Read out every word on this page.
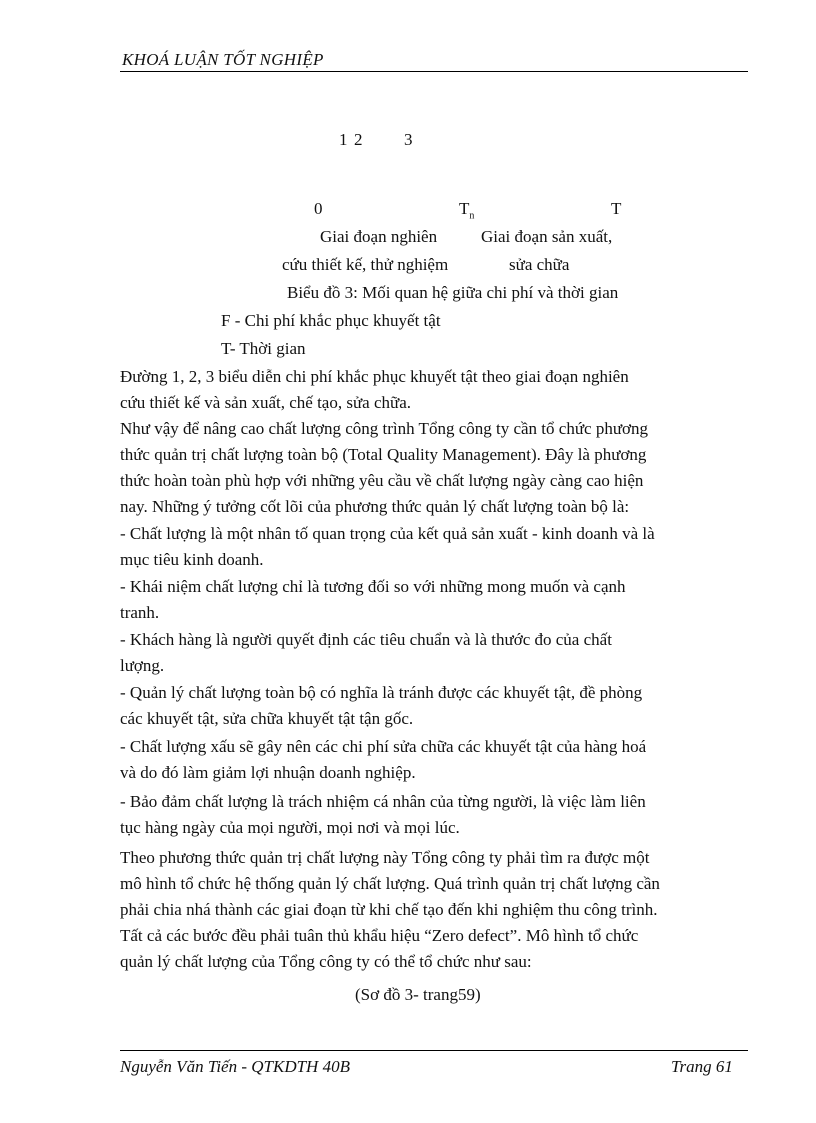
KHOÁ LUẬN TỐT NGHIỆP
1 2 3
0	$T_n$	T
Giai đoạn nghiên	Giai đoạn sản xuất,
cứu thiết kế, thử nghiệm	sửa chữa
Biểu đồ 3: Mối quan hệ giữa chi phí và thời gian
F - Chi phí khắc phục khuyết tật
T- Thời gian
Đường 1, 2, 3 biểu diễn chi phí khắc phục khuyết tật theo giai đoạn nghiên
cứu thiết kế và sản xuất, chế tạo, sửa chữa.
Như vậy để nâng cao chất lượng công trình Tổng công ty cần tổ chức phương
thức quản trị chất lượng toàn bộ (Total Quality Management). Đây là phương
thức hoàn toàn phù hợp với những yêu cầu về chất lượng ngày càng cao hiện
nay. Những ý tưởng cốt lõi của phương thức quản lý chất lượng toàn bộ là:
- Chất lượng là một nhân tố quan trọng của kết quả sản xuất - kinh doanh và là
mục tiêu kinh doanh.
- Khái niệm chất lượng chỉ là tương đối so với những mong muốn và cạnh
tranh.
- Khách hàng là người quyết định các tiêu chuẩn và là thước đo của chất
lượng.
- Quản lý chất lượng toàn bộ có nghĩa là tránh được các khuyết tật, đề phòng
các khuyết tật, sửa chữa khuyết tật tận gốc.
- Chất lượng xấu sẽ gây nên các chi phí sửa chữa các khuyết tật của hàng hoá
và do đó làm giảm lợi nhuận doanh nghiệp.
- Bảo đảm chất lượng là trách nhiệm cá nhân của từng người, là việc làm liên
tục hàng ngày của mọi người, mọi nơi và mọi lúc.
Theo phương thức quản trị chất lượng này Tổng công ty phải tìm ra được một
mô hình tổ chức hệ thống quản lý chất lượng. Quá trình quản trị chất lượng cần
phải chia nhá thành các giai đoạn từ khi chế tạo đến khi nghiệm thu công trình.
Tất cả các bước đều phải tuân thủ khẩu hiệu “Zero defect”. Mô hình tổ chức
quản lý chất lượng của Tổng công ty có thể tổ chức như sau:
(Sơ đồ 3- trang59)
Nguyễn Văn Tiến - QTKDTH 40B	Trang 61
